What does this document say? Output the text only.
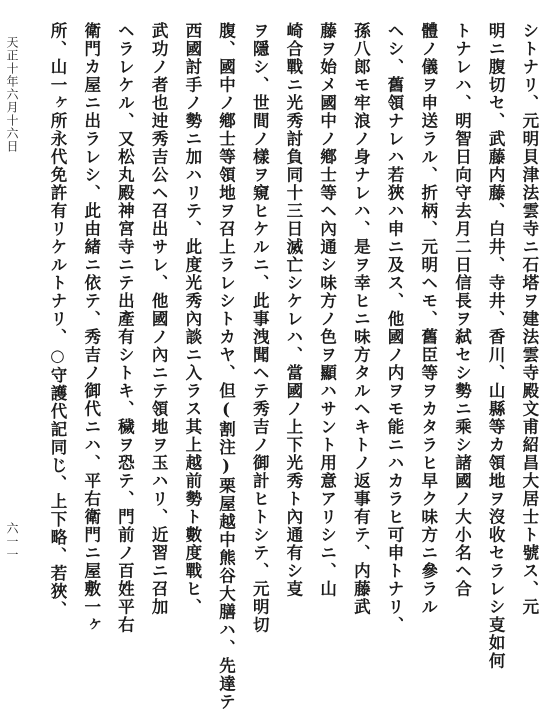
シトナリ、元明貝津法雲寺ニ石塔ヲ建法雲寺殿文甫紹昌大居士ト號ス、元
明ニ腹切セ、武藤内藤、白井、寺井、香川、山縣等カ領地ヲ沒收セラレシ㕝如何
トナレハ、明智日向守去月二日信長ヲ弑セシ勢ニ乘シ諸國ノ大小名ヘ合
體ノ儀ヲ申送ラル、折柄、元明ヘモ、舊臣等ヲカタラヒ早ク味方ニ參ラル
ヘシ、舊領ナレハ若狹ハ申ニ及ス、他國ノ内ヲモ能ニハカラヒ可申トナリ、
孫八郎モ牢浪ノ身ナレハ、是ヲ幸ヒニ味方タルヘキトノ返事有テ、内藤武
藤ヲ始メ國中ノ鄕士等ヘ內通シ味方ノ色ヲ顯ハサント用意アリシニ、山
崎合戰ニ光秀討負同十三日滅亡シケレハ、當國ノ上下光秀ト內通有シ㕝
ヲ隱シ、世間ノ樣ヲ窺ヒケルニ、此事洩聞ヘテ秀吉ノ御計ヒトシテ、元明切
腹、國中ノ鄕士等領地ヲ召上ラレシトカヤ、但(割注)栗屋越中熊谷大膳ハ、先達テ
西國討手ノ勢ニ加ハリテ、此度光秀內談ニ入ラス其上越前勢ト數度戰ヒ、
武功ノ者也迚秀吉公ヘ召出サレ、他國ノ內ニテ領地ヲ玉ハリ、近習ニ召加
ヘラレケル、又松丸殿神宮寺ニテ出產有シトキ、穢ヲ恐テ、門前ノ百姓平右
衛門カ屋ニ出ラレシ、此由緒ニ依テ、秀吉ノ御代ニハ、平右衛門ニ屋敷一ヶ
所、山一ヶ所永代免許有リケルトナリ、○守護代記同じ、上下略、若狹、
天正十年六月十六日
六一一
